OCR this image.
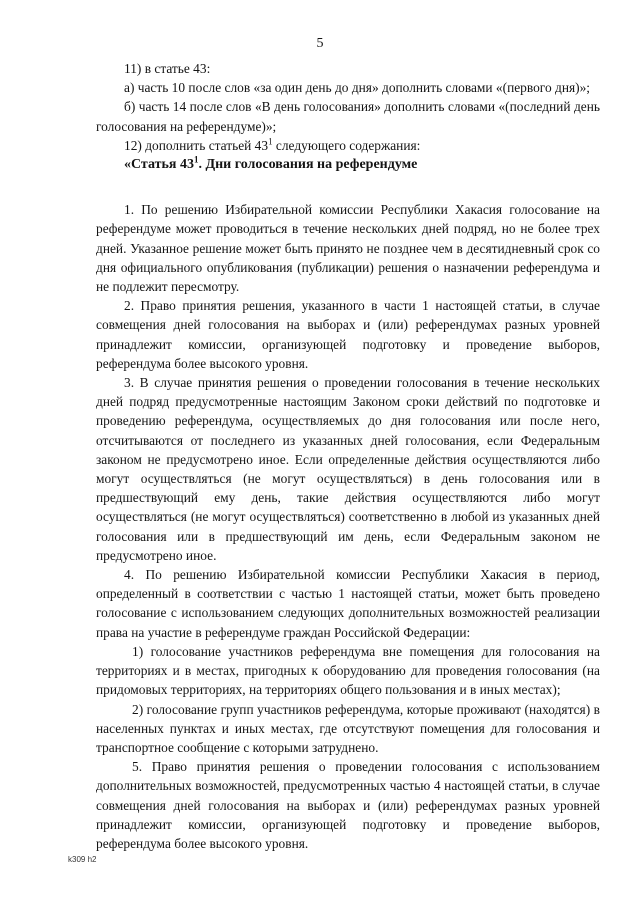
5

11) в статье 43:

а) часть 10 после слов «за один день до дня» дополнить словами «(первого дня)»;

б) часть 14 после слов «В день голосования» дополнить словами «(последний день голосования на референдуме)»;

12) дополнить статьей $43^1$ следующего содержания:

«Статья $43^1$. Дни голосования на референдуме

1. По решению Избирательной комиссии Республики Хакасия голосование на референдуме может проводиться в течение нескольких дней подряд, но не более трех дней. Указанное решение может быть принято не позднее чем в десятидневный срок со дня официального опубликования (публикации) решения о назначении референдума и не подлежит пересмотру.

2. Право принятия решения, указанного в части 1 настоящей статьи, в случае совмещения дней голосования на выборах и (или) референдумах разных уровней принадлежит комиссии, организующей подготовку и проведение выборов, референдума более высокого уровня.

3. В случае принятия решения о проведении голосования в течение нескольких дней подряд предусмотренные настоящим Законом сроки действий по подготовке и проведению референдума, осуществляемых до дня голосования или после него, отсчитываются от последнего из указанных дней голосования, если Федеральным законом не предусмотрено иное. Если определенные действия осуществляются либо могут осуществляться (не могут осуществляться) в день голосования или в предшествующий ему день, такие действия осуществляются либо могут осуществляться (не могут осуществляться) соответственно в любой из указанных дней голосования или в предшествующий им день, если Федеральным законом не предусмотрено иное.

4. По решению Избирательной комиссии Республики Хакасия в период, определенный в соответствии с частью 1 настоящей статьи, может быть проведено голосование с использованием следующих дополнительных возможностей реализации права на участие в референдуме граждан Российской Федерации:

1) голосование участников референдума вне помещения для голосования на территориях и в местах, пригодных к оборудованию для проведения голосования (на придомовых территориях, на территориях общего пользования и в иных местах);

2) голосование групп участников референдума, которые проживают (находятся) в населенных пунктах и иных местах, где отсутствуют помещения для голосования и транспортное сообщение с которыми затруднено.

5. Право принятия решения о проведении голосования с использованием дополнительных возможностей, предусмотренных частью 4 настоящей статьи, в случае совмещения дней голосования на выборах и (или) референдумах разных уровней принадлежит комиссии, организующей подготовку и проведение выборов, референдума более высокого уровня.

k309 h2
